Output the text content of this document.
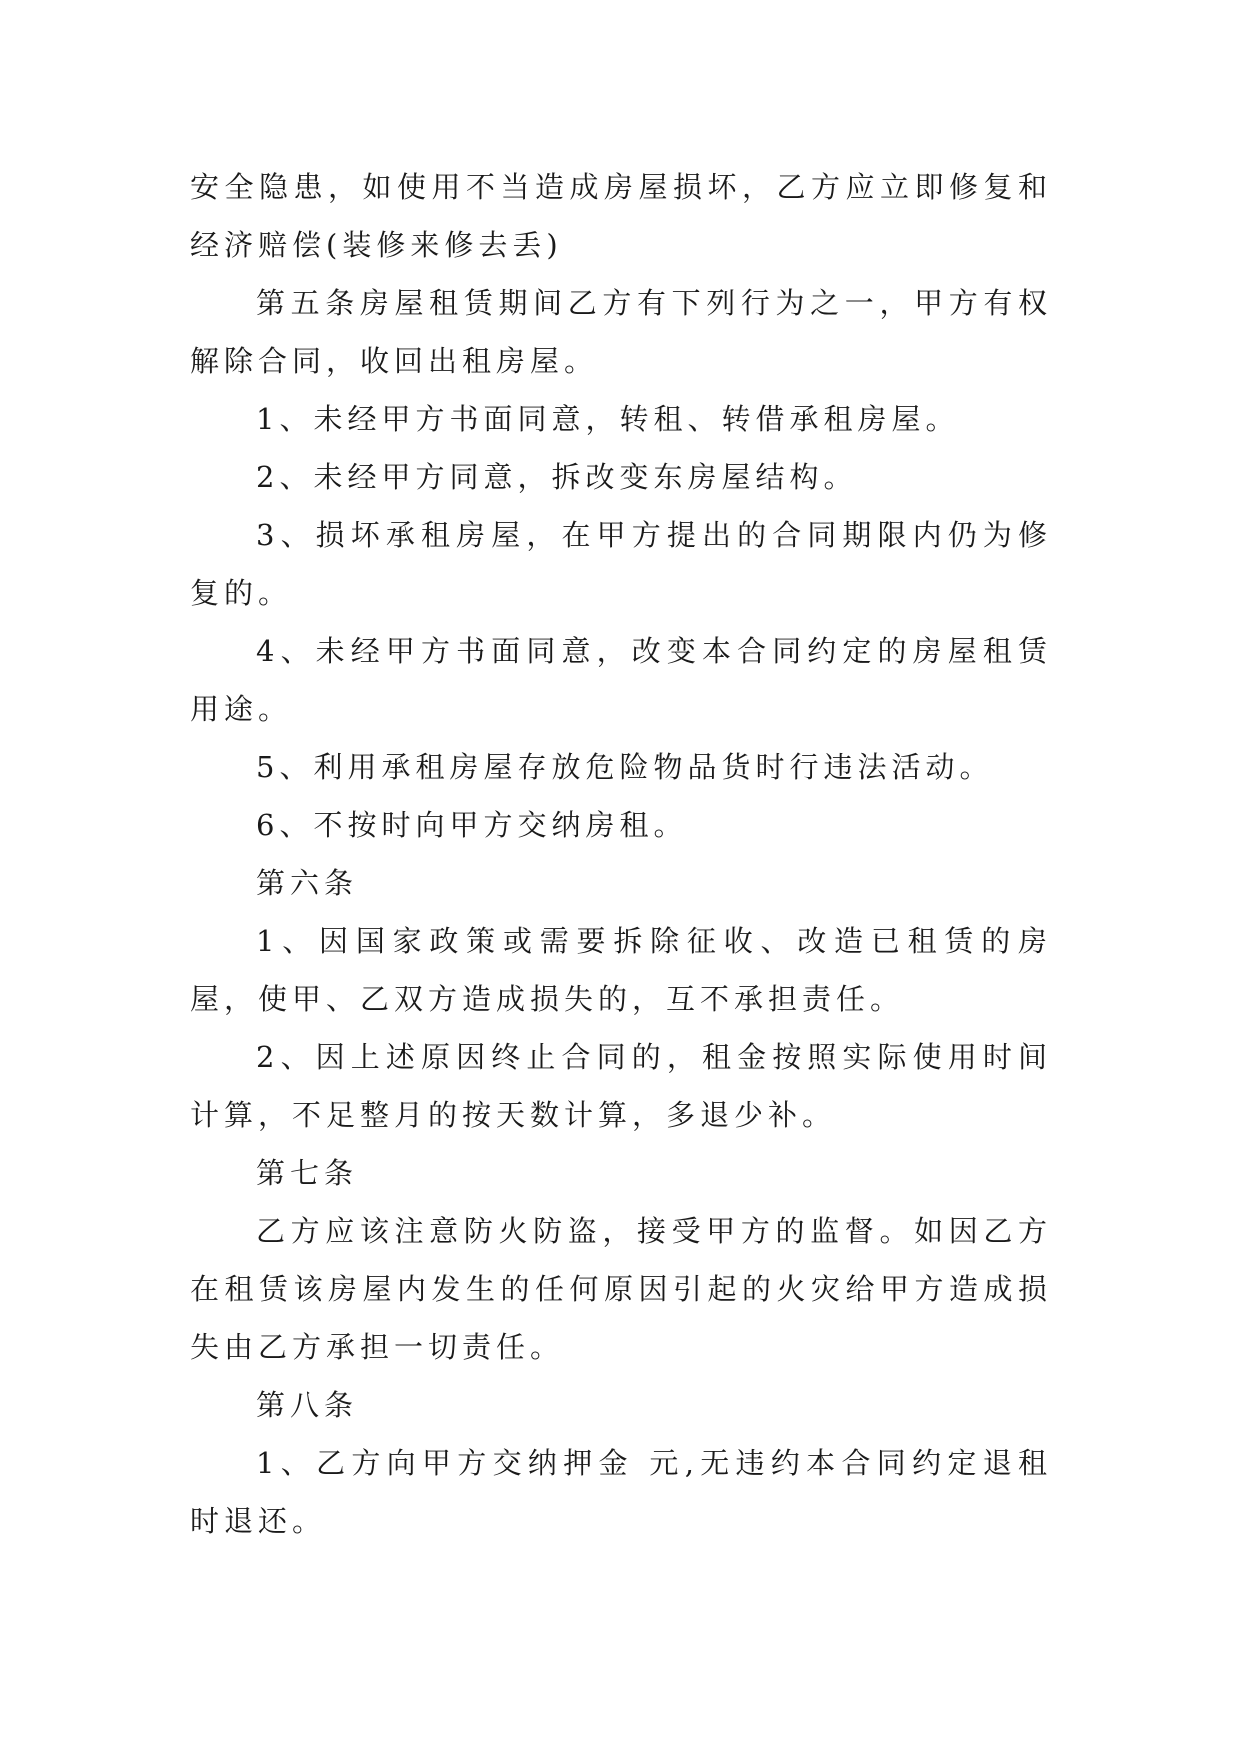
安全隐患，如使用不当造成房屋损坏，乙方应立即修复和经济赔偿(装修来修去丢)

第五条房屋租赁期间乙方有下列行为之一，甲方有权解除合同，收回出租房屋。

1、未经甲方书面同意，转租、转借承租房屋。

2、未经甲方同意，拆改变东房屋结构。

3、损坏承租房屋，在甲方提出的合同期限内仍为修复的。

4、未经甲方书面同意，改变本合同约定的房屋租赁用途。

5、利用承租房屋存放危险物品货时行违法活动。

6、不按时向甲方交纳房租。

第六条

1、因国家政策或需要拆除征收、改造已租赁的房屋，使甲、乙双方造成损失的，互不承担责任。

2、因上述原因终止合同的，租金按照实际使用时间计算，不足整月的按天数计算，多退少补。

第七条

乙方应该注意防火防盗，接受甲方的监督。如因乙方在租赁该房屋内发生的任何原因引起的火灾给甲方造成损失由乙方承担一切责任。

第八条

1、乙方向甲方交纳押金 元,无违约本合同约定退租时退还。
